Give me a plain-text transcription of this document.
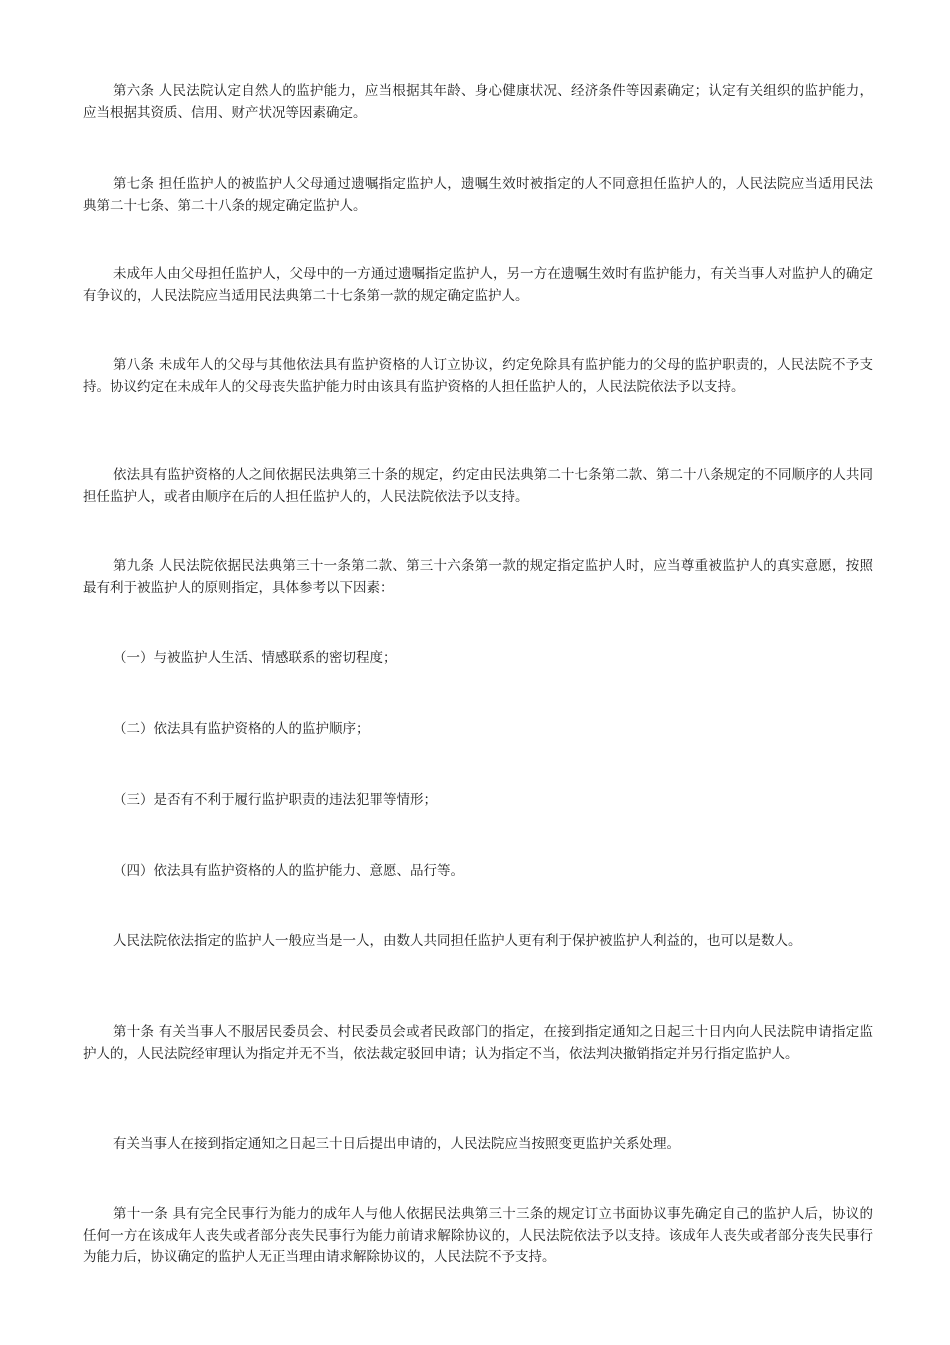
第六条 人民法院认定自然人的监护能力，应当根据其年龄、身心健康状况、经济条件等因素确定；认定有关组织的监护能力，应当根据其资质、信用、财产状况等因素确定。

第七条 担任监护人的被监护人父母通过遗嘱指定监护人，遗嘱生效时被指定的人不同意担任监护人的，人民法院应当适用民法典第二十七条、第二十八条的规定确定监护人。

未成年人由父母担任监护人，父母中的一方通过遗嘱指定监护人，另一方在遗嘱生效时有监护能力，有关当事人对监护人的确定有争议的，人民法院应当适用民法典第二十七条第一款的规定确定监护人。

第八条 未成年人的父母与其他依法具有监护资格的人订立协议，约定免除具有监护能力的父母的监护职责的，人民法院不予支持。协议约定在未成年人的父母丧失监护能力时由该具有监护资格的人担任监护人的，人民法院依法予以支持。

依法具有监护资格的人之间依据民法典第三十条的规定，约定由民法典第二十七条第二款、第二十八条规定的不同顺序的人共同担任监护人，或者由顺序在后的人担任监护人的，人民法院依法予以支持。

第九条 人民法院依据民法典第三十一条第二款、第三十六条第一款的规定指定监护人时，应当尊重被监护人的真实意愿，按照最有利于被监护人的原则指定，具体参考以下因素：

（一）与被监护人生活、情感联系的密切程度；

（二）依法具有监护资格的人的监护顺序；

（三）是否有不利于履行监护职责的违法犯罪等情形；

（四）依法具有监护资格的人的监护能力、意愿、品行等。

人民法院依法指定的监护人一般应当是一人，由数人共同担任监护人更有利于保护被监护人利益的，也可以是数人。

第十条 有关当事人不服居民委员会、村民委员会或者民政部门的指定，在接到指定通知之日起三十日内向人民法院申请指定监护人的，人民法院经审理认为指定并无不当，依法裁定驳回申请；认为指定不当，依法判决撤销指定并另行指定监护人。

有关当事人在接到指定通知之日起三十日后提出申请的，人民法院应当按照变更监护关系处理。

第十一条 具有完全民事行为能力的成年人与他人依据民法典第三十三条的规定订立书面协议事先确定自己的监护人后，协议的任何一方在该成年人丧失或者部分丧失民事行为能力前请求解除协议的，人民法院依法予以支持。该成年人丧失或者部分丧失民事行为能力后，协议确定的监护人无正当理由请求解除协议的，人民法院不予支持。
